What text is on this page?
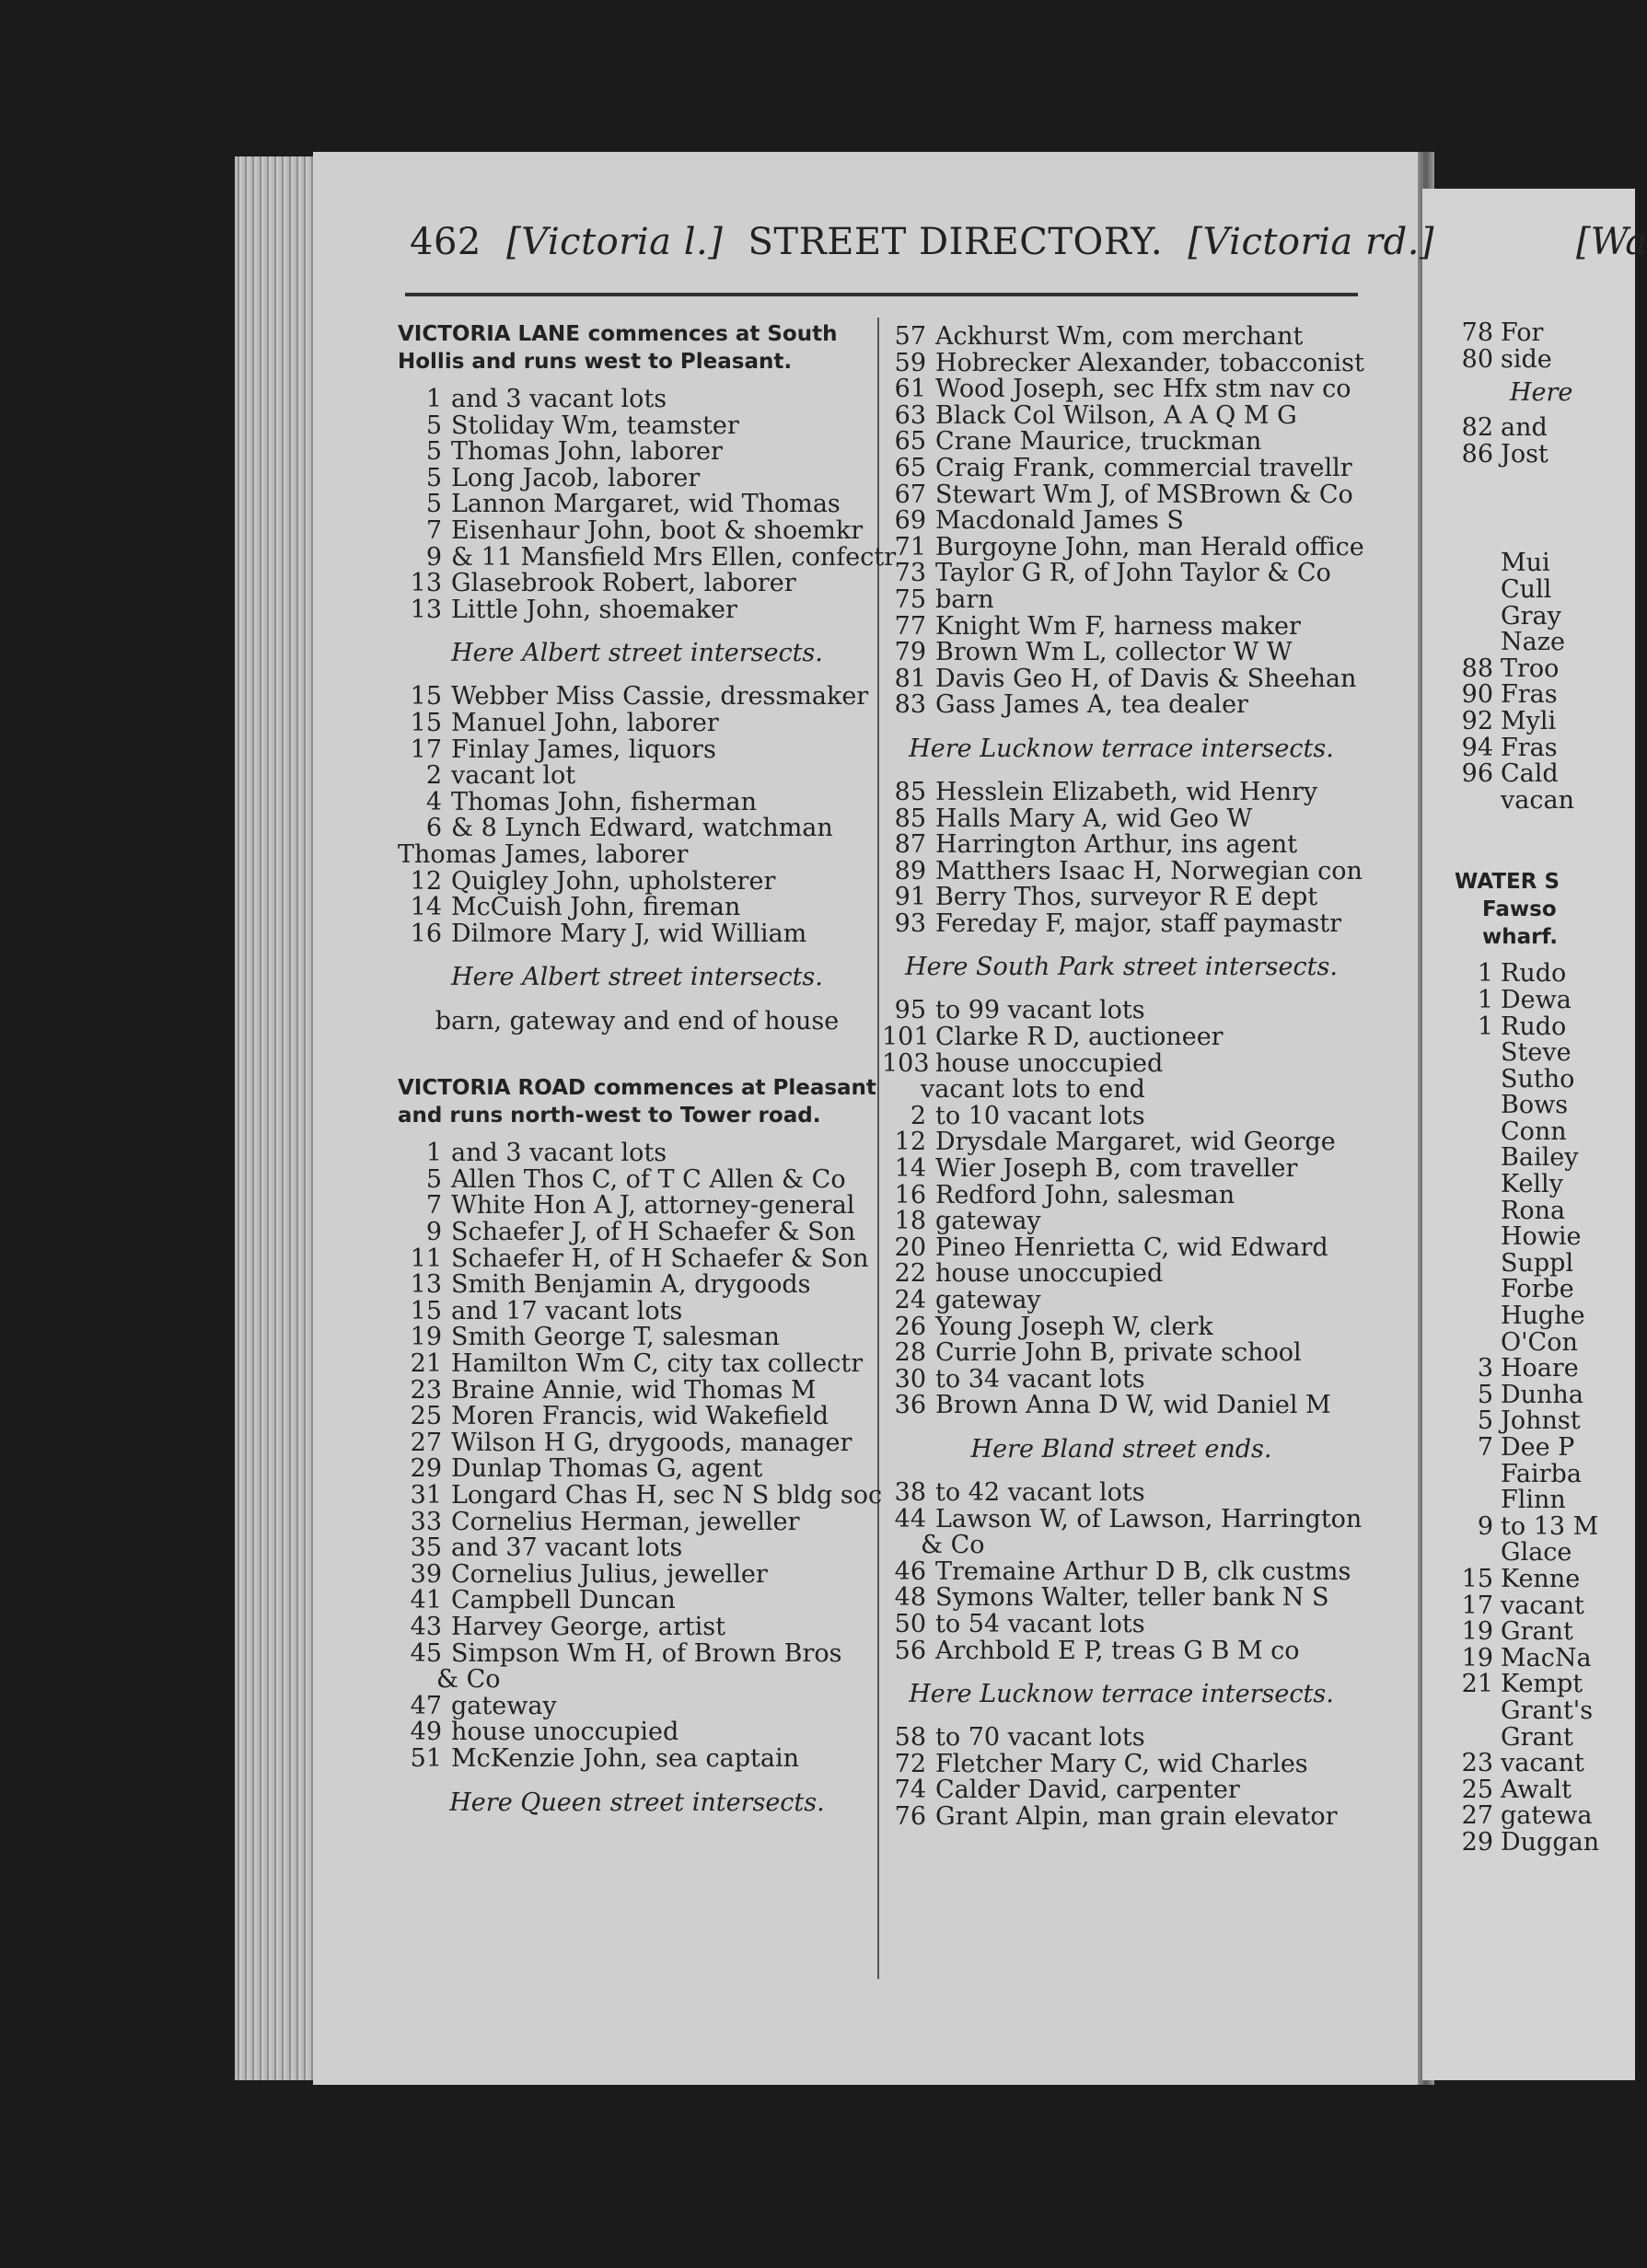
462 [Victoria l.] STREET DIRECTORY. [Victoria rd.]	[Wa
VICTORIA LANE commences at South Hollis and runs west to Pleasant.
1 and 3 vacant lots
5 Stoliday Wm, teamster
5 Thomas John, laborer
5 Long Jacob, laborer
5 Lannon Margaret, wid Thomas
7 Eisenhaur John, boot & shoemkr
9 & 11 Mansfield Mrs Ellen, confectr
13 Glasebrook Robert, laborer
13 Little John, shoemaker
Here Albert street intersects.
15 Webber Miss Cassie, dressmaker
15 Manuel John, laborer
17 Finlay James, liquors
2 vacant lot
4 Thomas John, fisherman
6 & 8 Lynch Edward, watchman
Thomas James, laborer
12 Quigley John, upholsterer
14 McCuish John, fireman
16 Dilmore Mary J, wid William
Here Albert street intersects.
barn, gateway and end of house
VICTORIA ROAD commences at Pleasant and runs north-west to Tower road.
1 and 3 vacant lots
5 Allen Thos C, of T C Allen & Co
7 White Hon A J, attorney-general
9 Schaefer J, of H Schaefer & Son
11 Schaefer H, of H Schaefer & Son
13 Smith Benjamin A, drygoods
15 and 17 vacant lots
19 Smith George T, salesman
21 Hamilton Wm C, city tax collectr
23 Braine Annie, wid Thomas M
25 Moren Francis, wid Wakefield
27 Wilson H G, drygoods, manager
29 Dunlap Thomas G, agent
31 Longard Chas H, sec N S bldg soc
33 Cornelius Herman, jeweller
35 and 37 vacant lots
39 Cornelius Julius, jeweller
41 Campbell Duncan
43 Harvey George, artist
45 Simpson Wm H, of Brown Bros
& Co
47 gateway
49 house unoccupied
51 McKenzie John, sea captain
Here Queen street intersects.
57 Ackhurst Wm, com merchant
59 Hobrecker Alexander, tobacconist
61 Wood Joseph, sec Hfx stm nav co
63 Black Col Wilson, A A Q M G
65 Crane Maurice, truckman
65 Craig Frank, commercial travellr
67 Stewart Wm J, of MSBrown & Co
69 Macdonald James S
71 Burgoyne John, man Herald office
73 Taylor G R, of John Taylor & Co
75 barn
77 Knight Wm F, harness maker
79 Brown Wm L, collector W W
81 Davis Geo H, of Davis & Sheehan
83 Gass James A, tea dealer
Here Lucknow terrace intersects.
85 Hesslein Elizabeth, wid Henry
85 Halls Mary A, wid Geo W
87 Harrington Arthur, ins agent
89 Matthers Isaac H, Norwegian con
91 Berry Thos, surveyor R E dept
93 Fereday F, major, staff paymastr
Here South Park street intersects.
95 to 99 vacant lots
101 Clarke R D, auctioneer
103 house unoccupied
vacant lots to end
2 to 10 vacant lots
12 Drysdale Margaret, wid George
14 Wier Joseph B, com traveller
16 Redford John, salesman
18 gateway
20 Pineo Henrietta C, wid Edward
22 house unoccupied
24 gateway
26 Young Joseph W, clerk
28 Currie John B, private school
30 to 34 vacant lots
36 Brown Anna D W, wid Daniel M
Here Bland street ends.
38 to 42 vacant lots
44 Lawson W, of Lawson, Harrington
& Co
46 Tremaine Arthur D B, clk custms
48 Symons Walter, teller bank N S
50 to 54 vacant lots
56 Archbold E P, treas G B M co
Here Lucknow terrace intersects.
58 to 70 vacant lots
72 Fletcher Mary C, wid Charles
74 Calder David, carpenter
76 Grant Alpin, man grain elevator
78 For
80 side
Here
82 and
86 Jost
Mui
Cull
Gray
Naze
88 Troo
90 Fras
92 Myli
94 Fras
96 Cald
vacan
WATER S
Fawso
wharf.
1 Rudo
1 Dewa
1 Rudo
Steve
Sutho
Bows
Conn
Bailey
Kelly
Rona
Howie
Suppl
Forbe
Hughe
O'Con
3 Hoare
5 Dunha
5 Johnst
7 Dee P
Fairba
Flinn
9 to 13 M
Glace
15 Kenne
17 vacant
19 Grant
19 MacNa
21 Kempt
Grant's
Grant
23 vacant
25 Awalt
27 gatewa
29 Duggan
